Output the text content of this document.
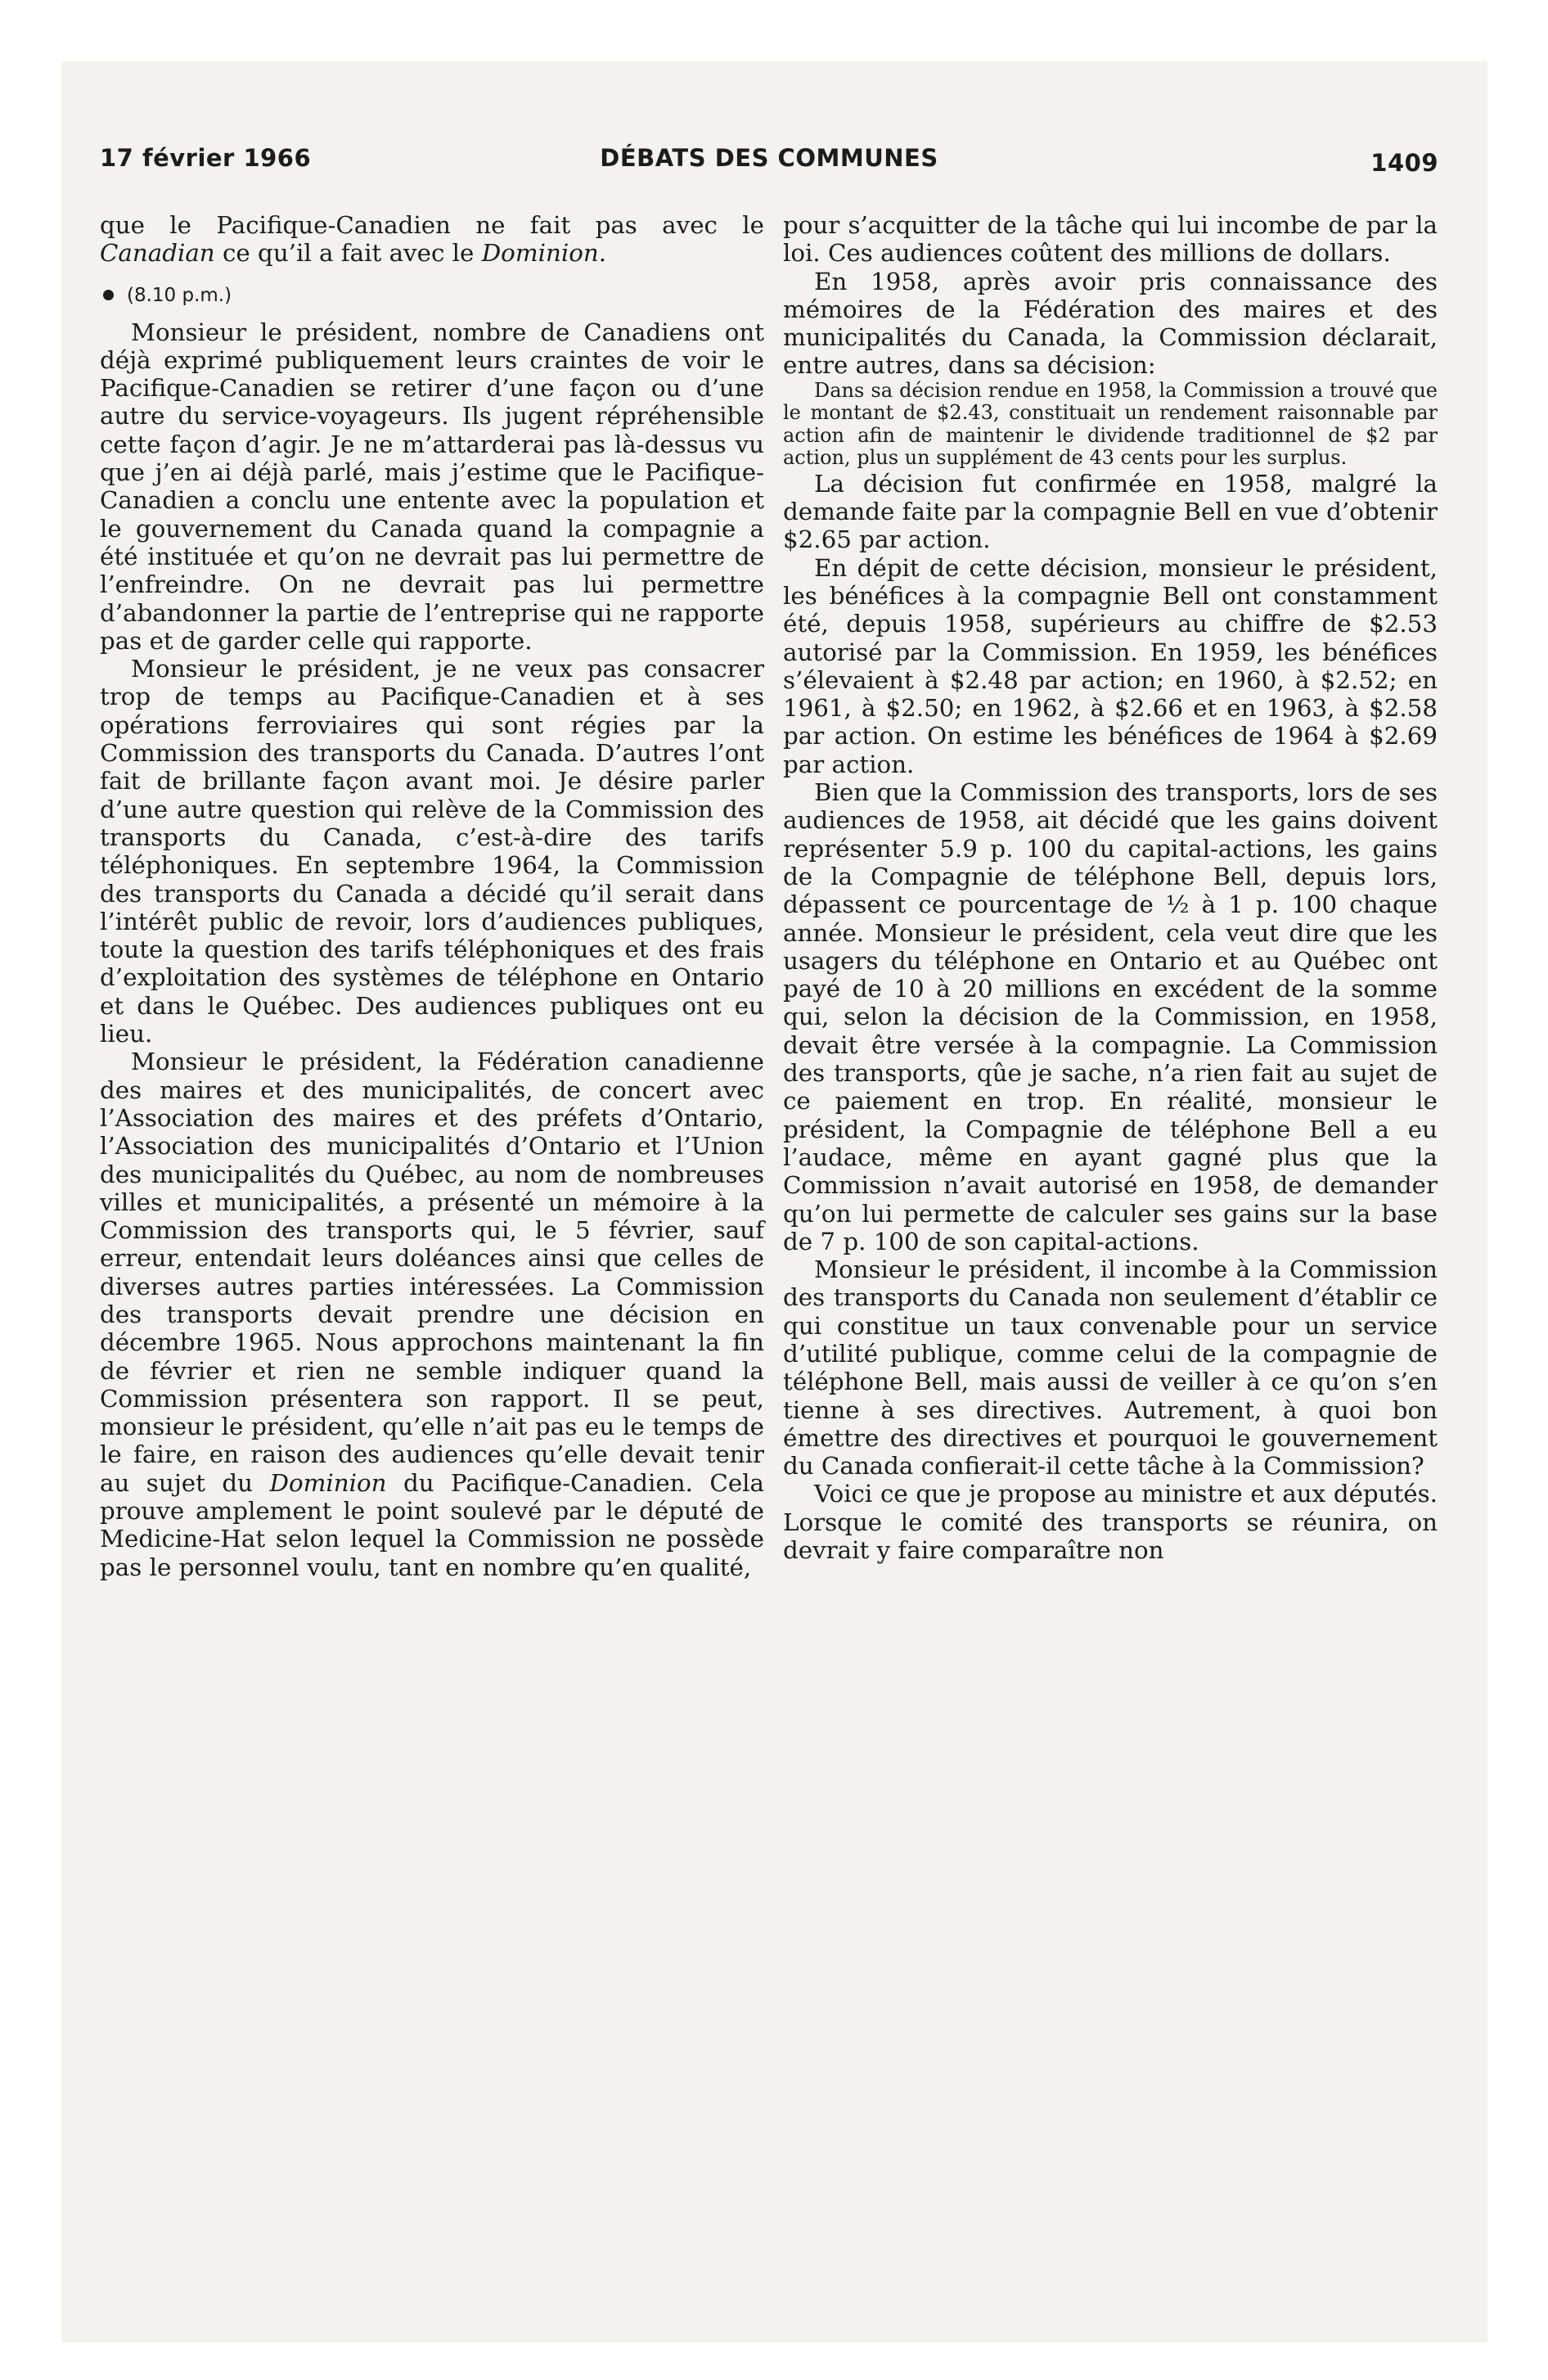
17 février 1966	DÉBATS DES COMMUNES	1409

que le Pacifique-Canadien ne fait pas avec le Canadian ce qu’il a fait avec le Dominion.

(8.10 p.m.)

Monsieur le président, nombre de Canadiens ont déjà exprimé publiquement leurs craintes de voir le Pacifique-Canadien se retirer d’une façon ou d’une autre du service-voyageurs. Ils jugent répréhensible cette façon d’agir. Je ne m’attarderai pas là-dessus vu que j’en ai déjà parlé, mais j’estime que le Pacifique-Canadien a conclu une entente avec la population et le gouvernement du Canada quand la compagnie a été instituée et qu’on ne devrait pas lui permettre de l’enfreindre. On ne devrait pas lui permettre d’abandonner la partie de l’entreprise qui ne rapporte pas et de garder celle qui rapporte.

Monsieur le président, je ne veux pas consacrer trop de temps au Pacifique-Canadien et à ses opérations ferroviaires qui sont régies par la Commission des transports du Canada. D’autres l’ont fait de brillante façon avant moi. Je désire parler d’une autre question qui relève de la Commission des transports du Canada, c’est-à-dire des tarifs téléphoniques. En septembre 1964, la Commission des transports du Canada a décidé qu’il serait dans l’intérêt public de revoir, lors d’audiences publiques, toute la question des tarifs téléphoniques et des frais d’exploitation des systèmes de téléphone en Ontario et dans le Québec. Des audiences publiques ont eu lieu.

Monsieur le président, la Fédération canadienne des maires et des municipalités, de concert avec l’Association des maires et des préfets d’Ontario, l’Association des municipalités d’Ontario et l’Union des municipalités du Québec, au nom de nombreuses villes et municipalités, a présenté un mémoire à la Commission des transports qui, le 5 février, sauf erreur, entendait leurs doléances ainsi que celles de diverses autres parties intéressées. La Commission des transports devait prendre une décision en décembre 1965. Nous approchons maintenant la fin de février et rien ne semble indiquer quand la Commission présentera son rapport. Il se peut, monsieur le président, qu’elle n’ait pas eu le temps de le faire, en raison des audiences qu’elle devait tenir au sujet du Dominion du Pacifique-Canadien. Cela prouve amplement le point soulevé par le député de Medicine-Hat selon lequel la Commission ne possède pas le personnel voulu, tant en nombre qu’en qualité,

pour s’acquitter de la tâche qui lui incombe de par la loi. Ces audiences coûtent des millions de dollars.

En 1958, après avoir pris connaissance des mémoires de la Fédération des maires et des municipalités du Canada, la Commission déclarait, entre autres, dans sa décision:

Dans sa décision rendue en 1958, la Commission a trouvé que le montant de $2.43, constituait un rendement raisonnable par action afin de maintenir le dividende traditionnel de $2 par action, plus un supplément de 43 cents pour les surplus.

La décision fut confirmée en 1958, malgré la demande faite par la compagnie Bell en vue d’obtenir $2.65 par action.

En dépit de cette décision, monsieur le président, les bénéfices à la compagnie Bell ont constamment été, depuis 1958, supérieurs au chiffre de $2.53 autorisé par la Commission. En 1959, les bénéfices s’élevaient à $2.48 par action; en 1960, à $2.52; en 1961, à $2.50; en 1962, à $2.66 et en 1963, à $2.58 par action. On estime les bénéfices de 1964 à $2.69 par action.

Bien que la Commission des transports, lors de ses audiences de 1958, ait décidé que les gains doivent représenter 5.9 p. 100 du capital-actions, les gains de la Compagnie de téléphone Bell, depuis lors, dépassent ce pourcentage de ½ à 1 p. 100 chaque année. Monsieur le président, cela veut dire que les usagers du téléphone en Ontario et au Québec ont payé de 10 à 20 millions en excédent de la somme qui, selon la décision de la Commission, en 1958, devait être versée à la compagnie. La Commission des transports, qûe je sache, n’a rien fait au sujet de ce paiement en trop. En réalité, monsieur le président, la Compagnie de téléphone Bell a eu l’audace, même en ayant gagné plus que la Commission n’avait autorisé en 1958, de demander qu’on lui permette de calculer ses gains sur la base de 7 p. 100 de son capital-actions.

Monsieur le président, il incombe à la Commission des transports du Canada non seulement d’établir ce qui constitue un taux convenable pour un service d’utilité publique, comme celui de la compagnie de téléphone Bell, mais aussi de veiller à ce qu’on s’en tienne à ses directives. Autrement, à quoi bon émettre des directives et pourquoi le gouvernement du Canada confierait-il cette tâche à la Commission?

Voici ce que je propose au ministre et aux députés. Lorsque le comité des transports se réunira, on devrait y faire comparaître non
